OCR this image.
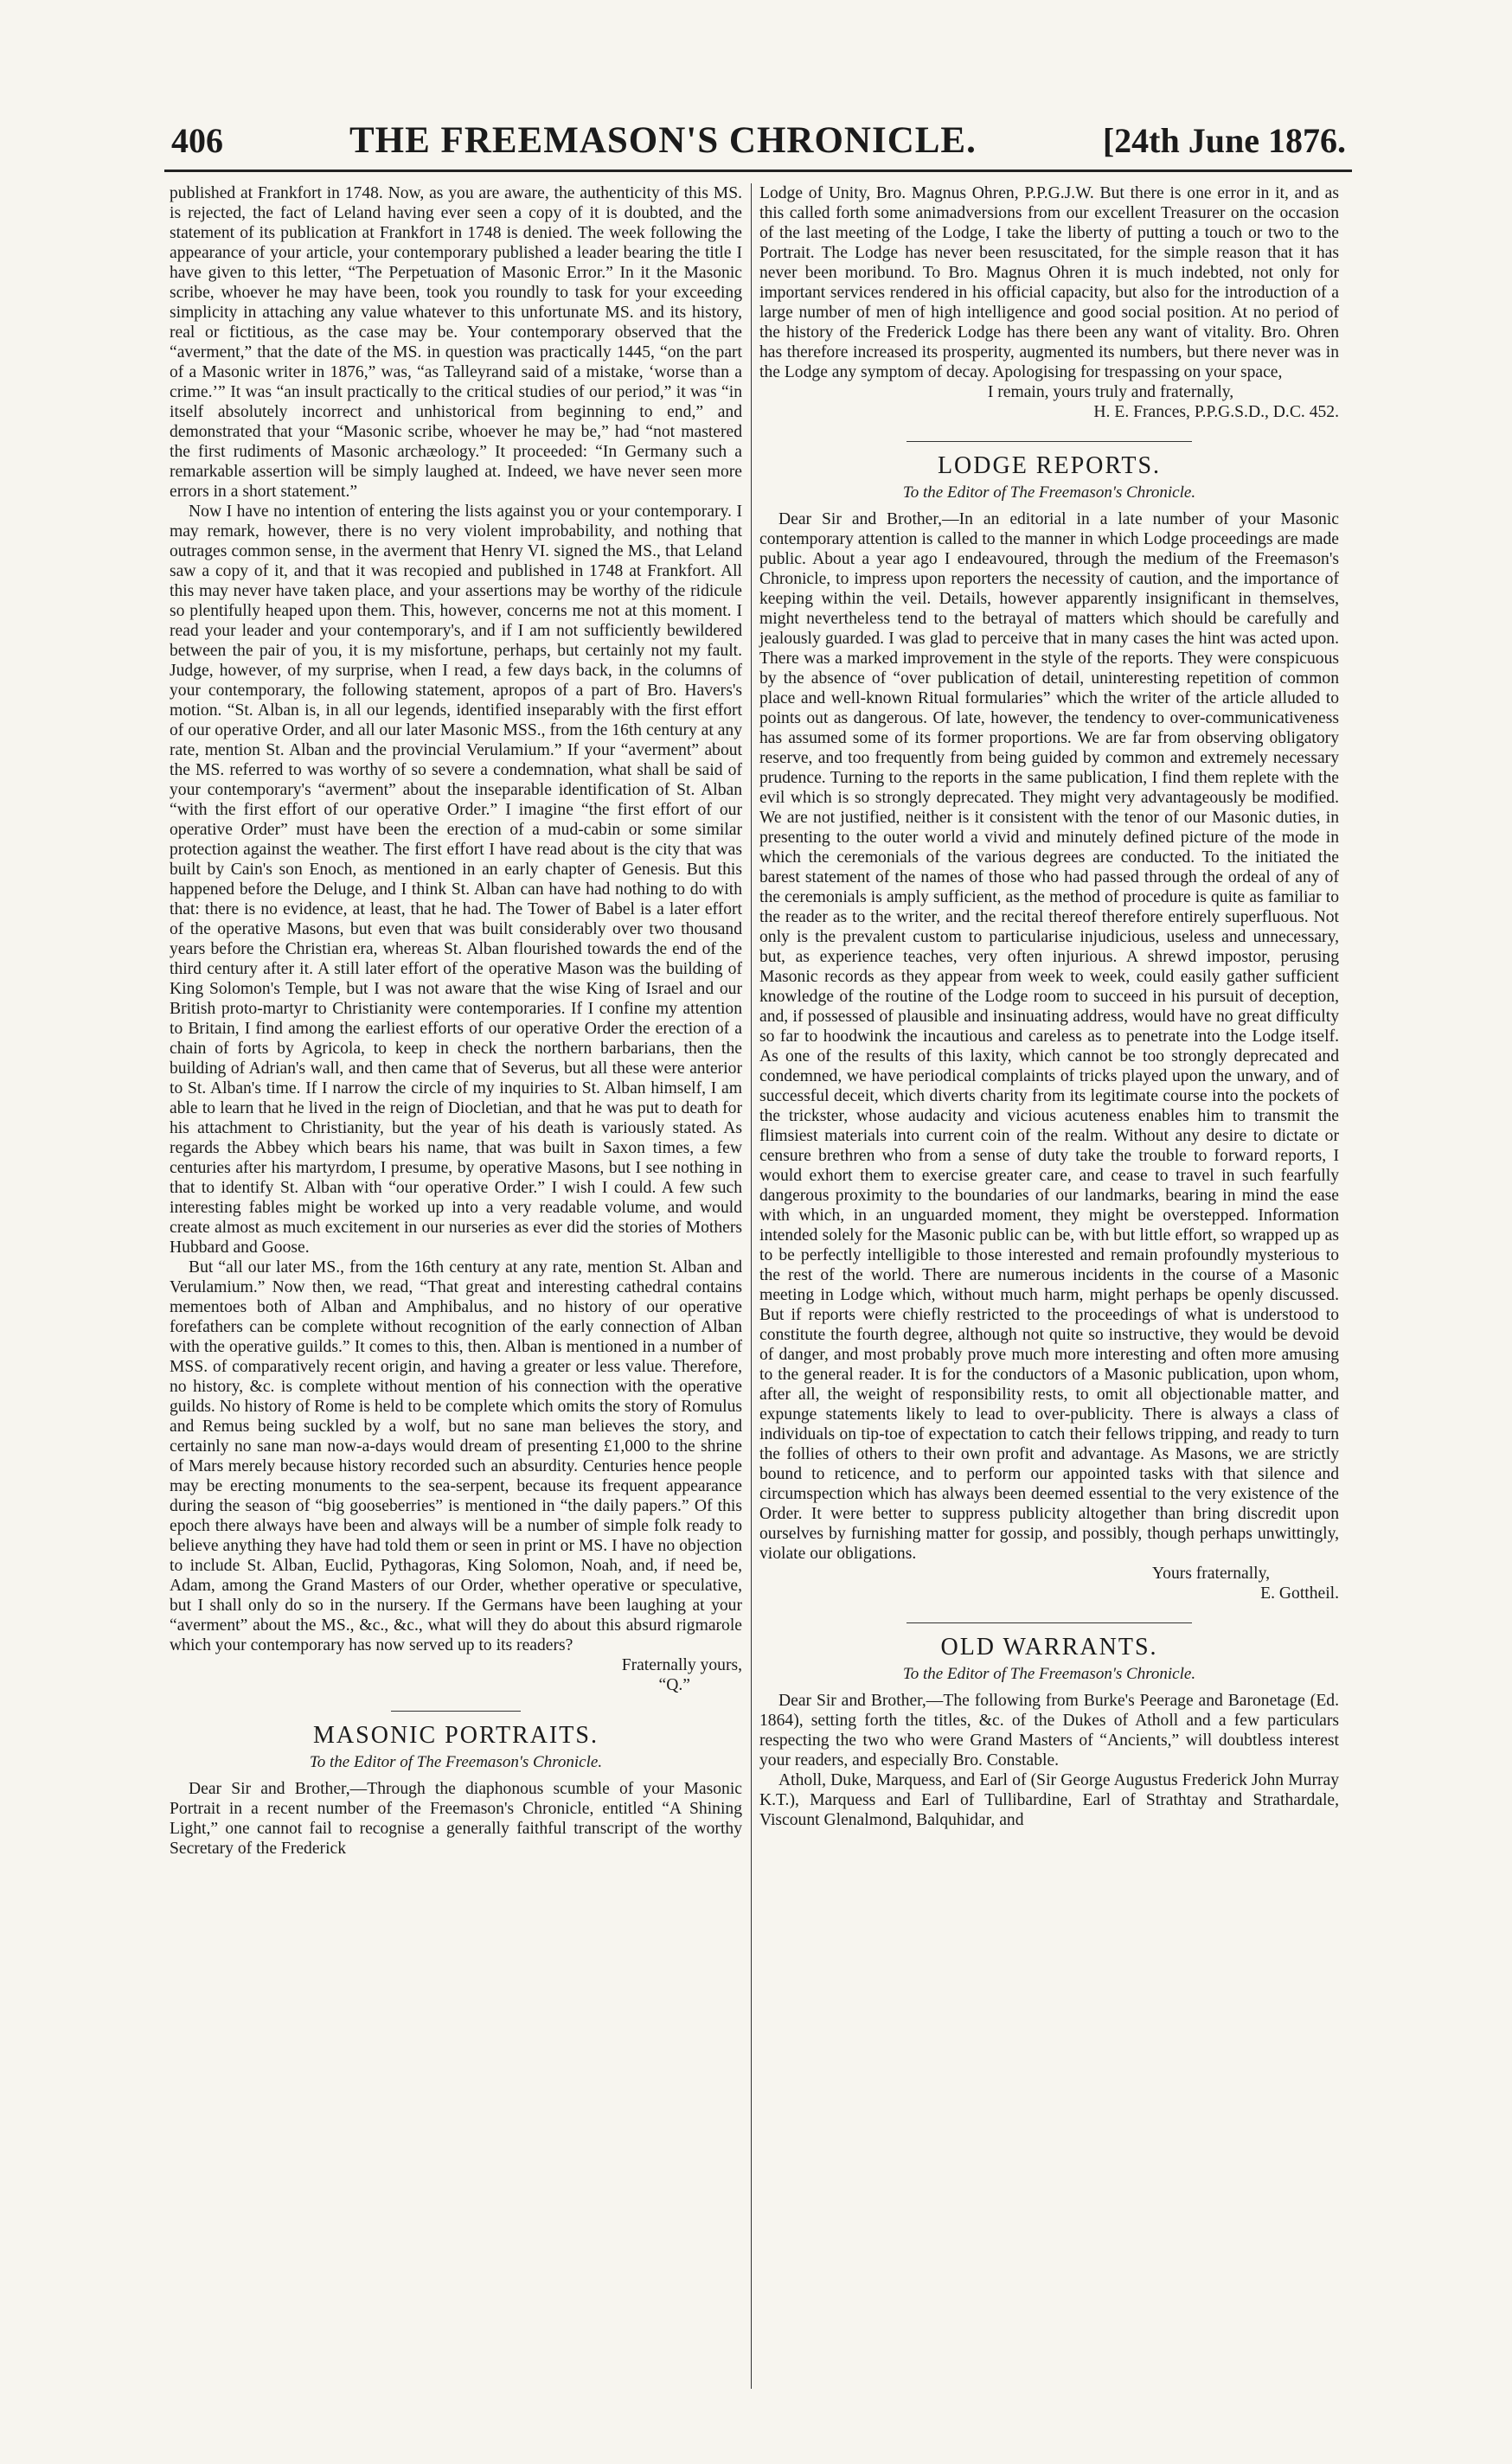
406	THE FREEMASON'S CHRONICLE.	[24th June 1876.

published at Frankfort in 1748. Now, as you are aware, the authenticity of this MS. is rejected, the fact of Leland having ever seen a copy of it is doubted, and the statement of its publication at Frankfort in 1748 is denied. The week following the appearance of your article, your contemporary published a leader bearing the title I have given to this letter, “The Perpetuation of Masonic Error.” In it the Masonic scribe, whoever he may have been, took you roundly to task for your exceeding simplicity in attaching any value whatever to this unfortunate MS. and its history, real or fictitious, as the case may be. Your contemporary observed that the “averment,” that the date of the MS. in question was practically 1445, “on the part of a Masonic writer in 1876,” was, “as Talleyrand said of a mistake, ‘worse than a crime.’” It was “an insult practically to the critical studies of our period,” it was “in itself absolutely incorrect and unhistorical from beginning to end,” and demonstrated that your “Masonic scribe, whoever he may be,” had “not mastered the first rudiments of Masonic archæology.” It proceeded: “In Germany such a remarkable assertion will be simply laughed at. Indeed, we have never seen more errors in a short statement.”

Now I have no intention of entering the lists against you or your contemporary. I may remark, however, there is no very violent improbability, and nothing that outrages common sense, in the averment that Henry VI. signed the MS., that Leland saw a copy of it, and that it was recopied and published in 1748 at Frankfort. All this may never have taken place, and your assertions may be worthy of the ridicule so plentifully heaped upon them. This, however, concerns me not at this moment. I read your leader and your contemporary's, and if I am not sufficiently bewildered between the pair of you, it is my misfortune, perhaps, but certainly not my fault. Judge, however, of my surprise, when I read, a few days back, in the columns of your contemporary, the following statement, apropos of a part of Bro. Havers's motion. “St. Alban is, in all our legends, identified inseparably with the first effort of our operative Order, and all our later Masonic MSS., from the 16th century at any rate, mention St. Alban and the provincial Verulamium.” If your “averment” about the MS. referred to was worthy of so severe a condemnation, what shall be said of your contemporary's “averment” about the inseparable identification of St. Alban “with the first effort of our operative Order.” I imagine “the first effort of our operative Order” must have been the erection of a mud-cabin or some similar protection against the weather. The first effort I have read about is the city that was built by Cain's son Enoch, as mentioned in an early chapter of Genesis. But this happened before the Deluge, and I think St. Alban can have had nothing to do with that: there is no evidence, at least, that he had. The Tower of Babel is a later effort of the operative Masons, but even that was built considerably over two thousand years before the Christian era, whereas St. Alban flourished towards the end of the third century after it. A still later effort of the operative Mason was the building of King Solomon's Temple, but I was not aware that the wise King of Israel and our British proto-martyr to Christianity were contemporaries. If I confine my attention to Britain, I find among the earliest efforts of our operative Order the erection of a chain of forts by Agricola, to keep in check the northern barbarians, then the building of Adrian's wall, and then came that of Severus, but all these were anterior to St. Alban's time. If I narrow the circle of my inquiries to St. Alban himself, I am able to learn that he lived in the reign of Diocletian, and that he was put to death for his attachment to Christianity, but the year of his death is variously stated. As regards the Abbey which bears his name, that was built in Saxon times, a few centuries after his martyrdom, I presume, by operative Masons, but I see nothing in that to identify St. Alban with “our operative Order.” I wish I could. A few such interesting fables might be worked up into a very readable volume, and would create almost as much excitement in our nurseries as ever did the stories of Mothers Hubbard and Goose.

But “all our later MS., from the 16th century at any rate, mention St. Alban and Verulamium.” Now then, we read, “That great and interesting cathedral contains mementoes both of Alban and Amphibalus, and no history of our operative forefathers can be complete without recognition of the early connection of Alban with the operative guilds.” It comes to this, then. Alban is mentioned in a number of MSS. of comparatively recent origin, and having a greater or less value. Therefore, no history, &c. is complete without mention of his connection with the operative guilds. No history of Rome is held to be complete which omits the story of Romulus and Remus being suckled by a wolf, but no sane man believes the story, and certainly no sane man now-a-days would dream of presenting £1,000 to the shrine of Mars merely because history recorded such an absurdity. Centuries hence people may be erecting monuments to the sea-serpent, because its frequent appearance during the season of “big gooseberries” is mentioned in “the daily papers.” Of this epoch there always have been and always will be a number of simple folk ready to believe anything they have had told them or seen in print or MS. I have no objection to include St. Alban, Euclid, Pythagoras, King Solomon, Noah, and, if need be, Adam, among the Grand Masters of our Order, whether operative or speculative, but I shall only do so in the nursery. If the Germans have been laughing at your “averment” about the MS., &c., &c., what will they do about this absurd rigmarole which your contemporary has now served up to its readers?

Fraternally yours,

“Q.”

MASONIC PORTRAITS.
To the Editor of The Freemason's Chronicle.

Dear Sir and Brother,—Through the diaphonous scumble of your Masonic Portrait in a recent number of the Freemason's Chronicle, entitled “A Shining Light,” one cannot fail to recognise a generally faithful transcript of the worthy Secretary of the Frederick

Lodge of Unity, Bro. Magnus Ohren, P.P.G.J.W. But there is one error in it, and as this called forth some animadversions from our excellent Treasurer on the occasion of the last meeting of the Lodge, I take the liberty of putting a touch or two to the Portrait. The Lodge has never been resuscitated, for the simple reason that it has never been moribund. To Bro. Magnus Ohren it is much indebted, not only for important services rendered in his official capacity, but also for the introduction of a large number of men of high intelligence and good social position. At no period of the history of the Frederick Lodge has there been any want of vitality. Bro. Ohren has therefore increased its prosperity, augmented its numbers, but there never was in the Lodge any symptom of decay. Apologising for trespassing on your space,

I remain, yours truly and fraternally,

H. E. Frances, P.P.G.S.D., D.C. 452.

LODGE REPORTS.
To the Editor of The Freemason's Chronicle.

Dear Sir and Brother,—In an editorial in a late number of your Masonic contemporary attention is called to the manner in which Lodge proceedings are made public. About a year ago I endeavoured, through the medium of the Freemason's Chronicle, to impress upon reporters the necessity of caution, and the importance of keeping within the veil. Details, however apparently insignificant in themselves, might nevertheless tend to the betrayal of matters which should be carefully and jealously guarded. I was glad to perceive that in many cases the hint was acted upon. There was a marked improvement in the style of the reports. They were conspicuous by the absence of “over publication of detail, uninteresting repetition of common place and well-known Ritual formularies” which the writer of the article alluded to points out as dangerous. Of late, however, the tendency to over-communicativeness has assumed some of its former proportions. We are far from observing obligatory reserve, and too frequently from being guided by common and extremely necessary prudence. Turning to the reports in the same publication, I find them replete with the evil which is so strongly deprecated. They might very advantageously be modified. We are not justified, neither is it consistent with the tenor of our Masonic duties, in presenting to the outer world a vivid and minutely defined picture of the mode in which the ceremonials of the various degrees are conducted. To the initiated the barest statement of the names of those who had passed through the ordeal of any of the ceremonials is amply sufficient, as the method of procedure is quite as familiar to the reader as to the writer, and the recital thereof therefore entirely superfluous. Not only is the prevalent custom to particularise injudicious, useless and unnecessary, but, as experience teaches, very often injurious. A shrewd impostor, perusing Masonic records as they appear from week to week, could easily gather sufficient knowledge of the routine of the Lodge room to succeed in his pursuit of deception, and, if possessed of plausible and insinuating address, would have no great difficulty so far to hoodwink the incautious and careless as to penetrate into the Lodge itself. As one of the results of this laxity, which cannot be too strongly deprecated and condemned, we have periodical complaints of tricks played upon the unwary, and of successful deceit, which diverts charity from its legitimate course into the pockets of the trickster, whose audacity and vicious acuteness enables him to transmit the flimsiest materials into current coin of the realm. Without any desire to dictate or censure brethren who from a sense of duty take the trouble to forward reports, I would exhort them to exercise greater care, and cease to travel in such fearfully dangerous proximity to the boundaries of our landmarks, bearing in mind the ease with which, in an unguarded moment, they might be overstepped. Information intended solely for the Masonic public can be, with but little effort, so wrapped up as to be perfectly intelligible to those interested and remain profoundly mysterious to the rest of the world. There are numerous incidents in the course of a Masonic meeting in Lodge which, without much harm, might perhaps be openly discussed. But if reports were chiefly restricted to the proceedings of what is understood to constitute the fourth degree, although not quite so instructive, they would be devoid of danger, and most probably prove much more interesting and often more amusing to the general reader. It is for the conductors of a Masonic publication, upon whom, after all, the weight of responsibility rests, to omit all objectionable matter, and expunge statements likely to lead to over-publicity. There is always a class of individuals on tip-toe of expectation to catch their fellows tripping, and ready to turn the follies of others to their own profit and advantage. As Masons, we are strictly bound to reticence, and to perform our appointed tasks with that silence and circumspection which has always been deemed essential to the very existence of the Order. It were better to suppress publicity altogether than bring discredit upon ourselves by furnishing matter for gossip, and possibly, though perhaps unwittingly, violate our obligations.

Yours fraternally,

E. Gottheil.

OLD WARRANTS.
To the Editor of The Freemason's Chronicle.

Dear Sir and Brother,—The following from Burke's Peerage and Baronetage (Ed. 1864), setting forth the titles, &c. of the Dukes of Atholl and a few particulars respecting the two who were Grand Masters of “Ancients,” will doubtless interest your readers, and especially Bro. Constable.

Atholl, Duke, Marquess, and Earl of (Sir George Augustus Frederick John Murray K.T.), Marquess and Earl of Tullibardine, Earl of Strathtay and Strathardale, Viscount Glenalmond, Balquhidar, and
